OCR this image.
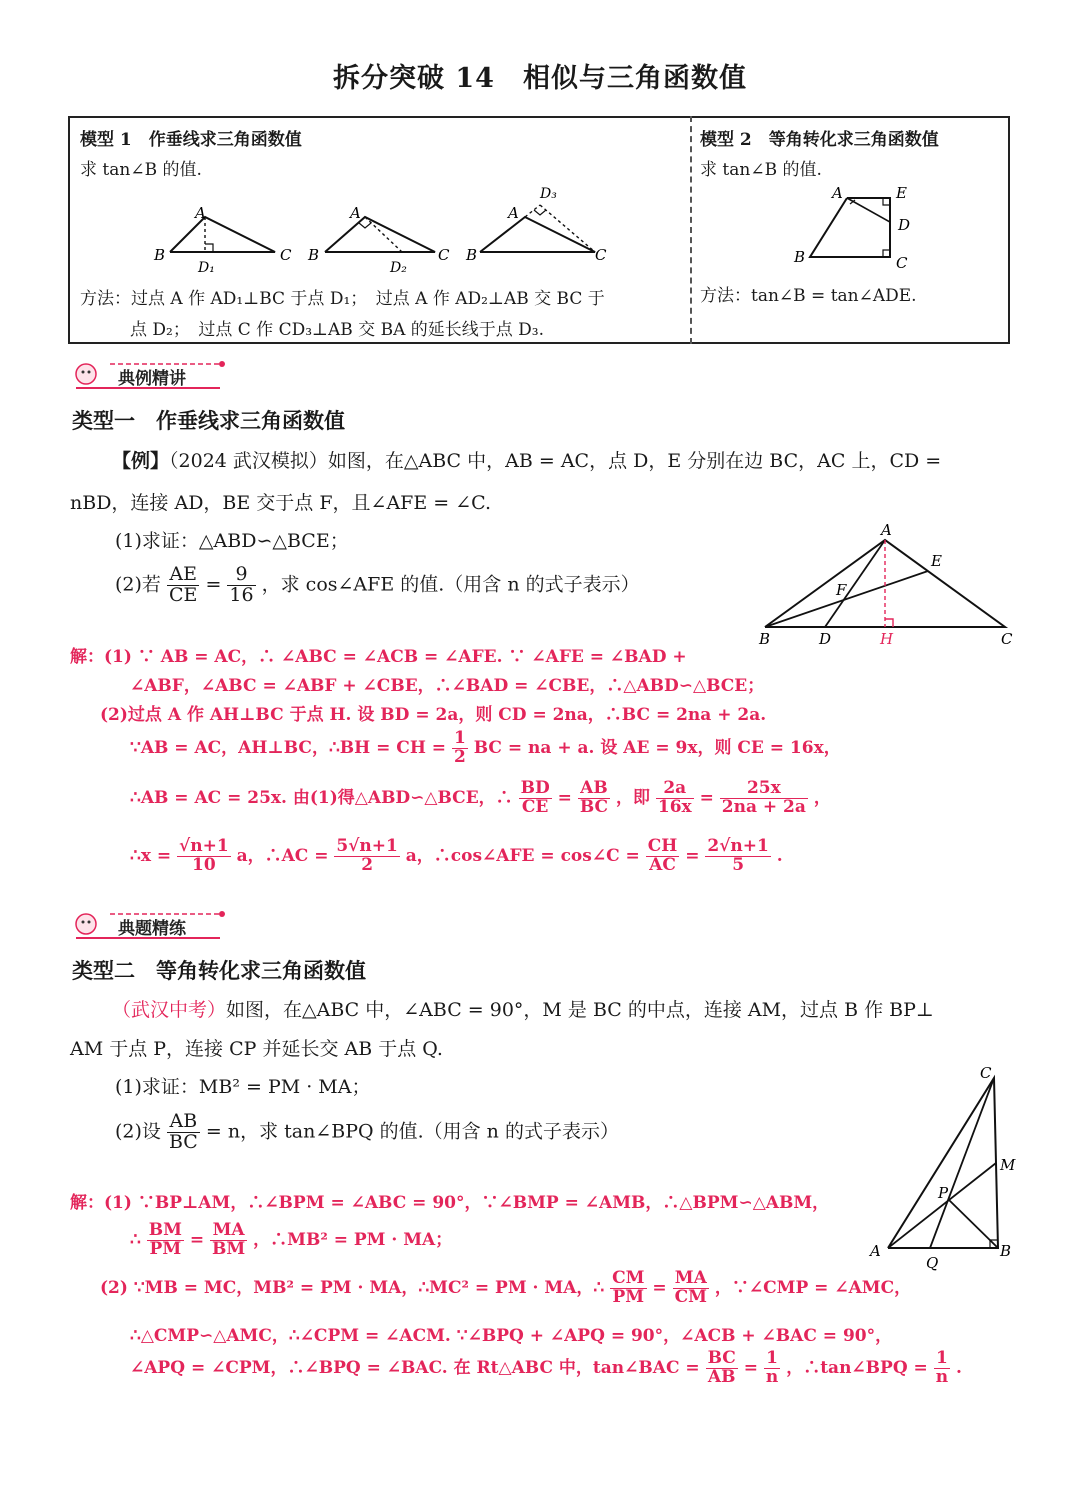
拆分突破 14　相似与三角函数值
模型 1　作垂线求三角函数值
求 tan∠B 的值.
A
B	C
D₁
A
B	C
D₂
A
B	C
D₃
方法：过点 A 作 AD₁⊥BC 于点 D₁；　过点 A 作 AD₂⊥AB 交 BC 于
点 D₂；　过点 C 作 CD₃⊥AB 交 BA 的延长线于点 D₃.
模型 2　等角转化求三角函数值
求 tan∠B 的值.
A	E
D
B	C
方法：tan∠B = tan∠ADE.
典例精讲
类型一　作垂线求三角函数值
【例】（2024 武汉模拟）如图，在△ABC 中，AB = AC，点 D，E 分别在边 BC，AC 上，CD =
nBD，连接 AD，BE 交于点 F，且∠AFE = ∠C.
(1)求证：△ABD∽△BCE；
(2)若 $\frac{AE}{CE} = \frac{9}{16}$ ，求 cos∠AFE 的值.（用含 n 的式子表示）
A
B	C
D
E
F
H
解：(1) ∵ AB = AC，∴ ∠ABC = ∠ACB = ∠AFE. ∵ ∠AFE = ∠BAD +
∠ABF，∠ABC = ∠ABF + ∠CBE，∴∠BAD = ∠CBE，∴△ABD∽△BCE；
(2)过点 A 作 AH⊥BC 于点 H. 设 BD = 2a，则 CD = 2na，∴BC = 2na + 2a.
∵AB = AC，AH⊥BC，∴BH = CH = $\frac{1}{2}$ BC = na + a. 设 AE = 9x，则 CE = 16x，
∴AB = AC = 25x. 由(1)得△ABD∽△BCE，∴ $\frac{BD}{CE} = \frac{AB}{BC}$ ，即 $\frac{2a}{16x} = \frac{25x}{2na + 2a}$ ，
∴x = $\frac{√n+1}{10}$ a，∴AC = $\frac{5√n+1}{2}$ a，∴cos∠AFE = cos∠C = $\frac{CH}{AC} = \frac{2√n+1}{5}$ .
典题精练
类型二　等角转化求三角函数值
（武汉中考）如图，在△ABC 中，∠ABC = 90°，M 是 BC 的中点，连接 AM，过点 B 作 BP⊥
AM 于点 P，连接 CP 并延长交 AB 于点 Q.
(1)求证：MB² = PM · MA；
(2)设 $\frac{AB}{BC} = n$，求 tan∠BPQ 的值.（用含 n 的式子表示）
C
M
P
A	B
Q
解：(1) ∵BP⊥AM，∴∠BPM = ∠ABC = 90°，∵∠BMP = ∠AMB，∴△BPM∽△ABM，
∴ $\frac{BM}{PM} = \frac{MA}{BM}$ ，∴MB² = PM · MA；
(2) ∵MB = MC，MB² = PM · MA，∴MC² = PM · MA，∴ $\frac{CM}{PM} = \frac{MA}{CM}$ ，∵∠CMP = ∠AMC，
∴△CMP∽△AMC，∴∠CPM = ∠ACM. ∵∠BPQ + ∠APQ = 90°，∠ACB + ∠BAC = 90°，
∠APQ = ∠CPM，∴∠BPQ = ∠BAC. 在 Rt△ABC 中，tan∠BAC = $\frac{BC}{AB} = \frac{1}{n}$ ，∴tan∠BPQ = $\frac{1}{n}$ .
